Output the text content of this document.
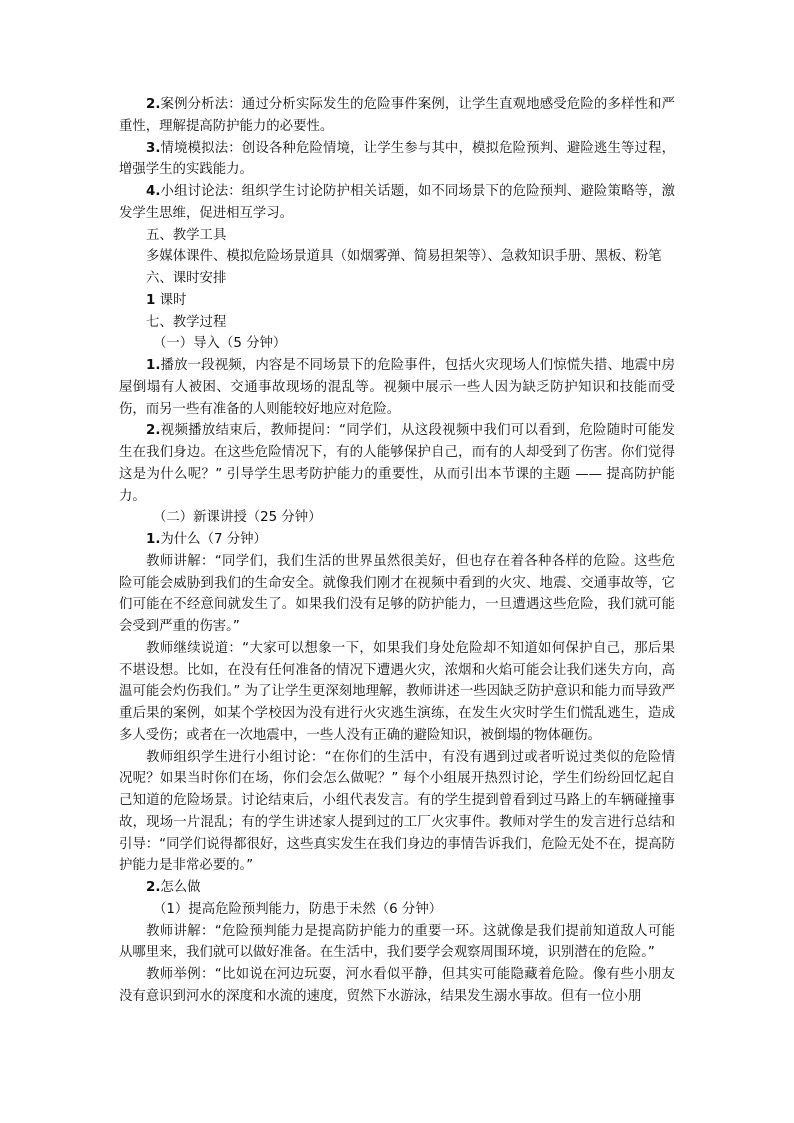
2.案例分析法：通过分析实际发生的危险事件案例，让学生直观地感受危险的多样性和严重性，理解提高防护能力的必要性。

3.情境模拟法：创设各种危险情境，让学生参与其中，模拟危险预判、避险逃生等过程，增强学生的实践能力。

4.小组讨论法：组织学生讨论防护相关话题，如不同场景下的危险预判、避险策略等，激发学生思维，促进相互学习。

五、教学工具

多媒体课件、模拟危险场景道具（如烟雾弹、简易担架等）、急救知识手册、黑板、粉笔

六、课时安排

1 课时

七、教学过程

（一）导入（5 分钟）

1.播放一段视频，内容是不同场景下的危险事件，包括火灾现场人们惊慌失措、地震中房屋倒塌有人被困、交通事故现场的混乱等。视频中展示一些人因为缺乏防护知识和技能而受伤，而另一些有准备的人则能较好地应对危险。

2.视频播放结束后，教师提问：“同学们，从这段视频中我们可以看到，危险随时可能发生在我们身边。在这些危险情况下，有的人能够保护自己，而有的人却受到了伤害。你们觉得这是为什么呢？” 引导学生思考防护能力的重要性，从而引出本节课的主题 —— 提高防护能力。

（二）新课讲授（25 分钟）

1.为什么（7 分钟）

教师讲解：“同学们，我们生活的世界虽然很美好，但也存在着各种各样的危险。这些危险可能会威胁到我们的生命安全。就像我们刚才在视频中看到的火灾、地震、交通事故等，它们可能在不经意间就发生了。如果我们没有足够的防护能力，一旦遭遇这些危险，我们就可能会受到严重的伤害。”

教师继续说道：“大家可以想象一下，如果我们身处危险却不知道如何保护自己，那后果不堪设想。比如，在没有任何准备的情况下遭遇火灾，浓烟和火焰可能会让我们迷失方向，高温可能会灼伤我们。” 为了让学生更深刻地理解，教师讲述一些因缺乏防护意识和能力而导致严重后果的案例，如某个学校因为没有进行火灾逃生演练，在发生火灾时学生们慌乱逃生，造成多人受伤；或者在一次地震中，一些人没有正确的避险知识，被倒塌的物体砸伤。

教师组织学生进行小组讨论：“在你们的生活中，有没有遇到过或者听说过类似的危险情况呢？如果当时你们在场，你们会怎么做呢？” 每个小组展开热烈讨论，学生们纷纷回忆起自己知道的危险场景。讨论结束后，小组代表发言。有的学生提到曾看到过马路上的车辆碰撞事故，现场一片混乱；有的学生讲述家人提到过的工厂火灾事件。教师对学生的发言进行总结和引导：“同学们说得都很好，这些真实发生在我们身边的事情告诉我们，危险无处不在，提高防护能力是非常必要的。”

2.怎么做

（1）提高危险预判能力，防患于未然（6 分钟）

教师讲解：“危险预判能力是提高防护能力的重要一环。这就像是我们提前知道敌人可能从哪里来，我们就可以做好准备。在生活中，我们要学会观察周围环境，识别潜在的危险。”

教师举例：“比如说在河边玩耍，河水看似平静，但其实可能隐藏着危险。像有些小朋友没有意识到河水的深度和水流的速度，贸然下水游泳，结果发生溺水事故。但有一位小朋
